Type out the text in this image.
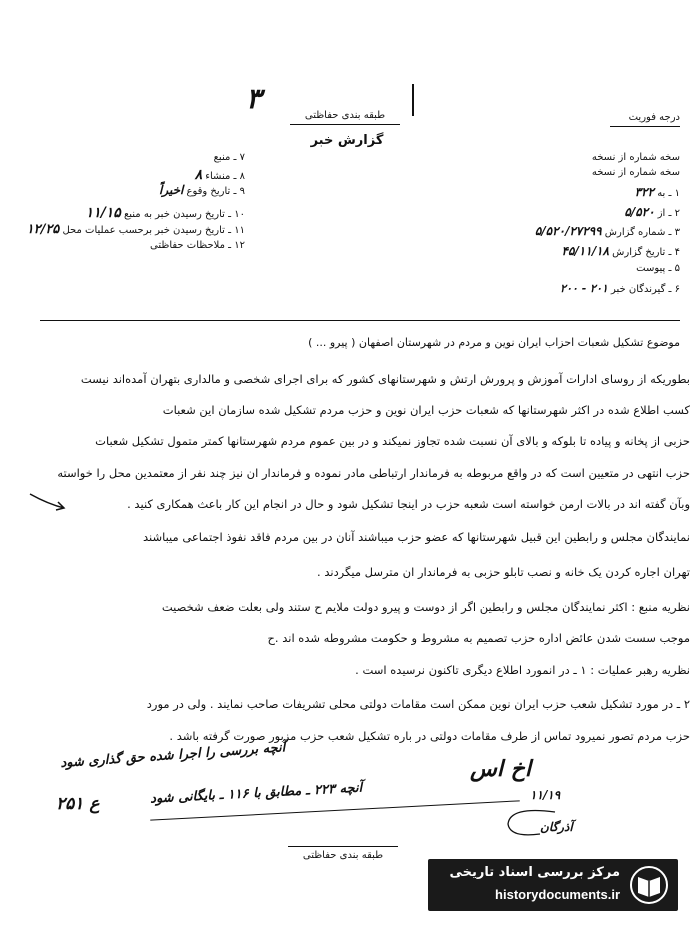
۳
درجه فوریت
طبقه بندی حفاظتی
گزارش خبر
۷ ـ منبع
۸ ـ منشاء ۸
۹ ـ تاریخ وقوع اخیراً
۱۰ ـ تاریخ رسیدن خبر به منبع ۱۱/۱۵
۱۱ ـ تاریخ رسیدن خبر برحسب عملیات محل ۱۲/۲۵
۱۲ ـ ملاحظات حفاظتی
سخه شماره از نسخه
سخه شماره از نسخه
۱ ـ به ۳۲۲
۲ ـ از ۵/۵۲۰
۳ ـ شماره گزارش ۵/۵۲۰/۲۷۲۹۹
۴ ـ تاریخ گزارش ۴۵/۱۱/۱۸
۵ ـ پیوست
۶ ـ گیرندگان خبر ۲۰۱ - ۲۰۰
موضوع تشکیل شعبات احزاب ایران نوین و مردم در شهرستان اصفهان ( پیرو ... )
بطوریکه از روسای ادارات آموزش و پرورش ارتش و شهرستانهای کشور که برای اجرای شخصی و مالداری بتهران آمده‌اند نیست
کسب اطلاع شده در اکثر شهرستانها که شعبات حزب ایران نوین و حزب مردم تشکیل شده سازمان این شعبات
حزبی از پخانه و پیاده تا بلوکه و بالای آن نسبت شده تجاوز نمیکند و در بین عموم مردم شهرستانها کمتر متمول تشکیل شعبات
حزب انتهی در متعیین است که در واقع مربوطه به فرماندار ارتباطی مادر نموده و فرماندار ان نیز چند نفر از معتمدین محل را خواسته
وبآن گفته اند در بالات ارمن خواسته است شعبه حزب در اینجا تشکیل شود و حال در انجام این کار باعث همکاری کنید .
نمایندگان مجلس و رابطین این قبیل شهرستانها که عضو حزب میباشند آنان در بین مردم فاقد نفوذ اجتماعی میباشند
تهران اجاره کردن یک خانه و نصب تابلو حزبی به فرماندار ان مترسل میگردند .
نظریه منبع : اکثر نمایندگان مجلس و رابطین اگر از دوست و پیرو دولت ملایم ح ستند ولی بعلت ضعف شخصیت
موجب سست شدن عائض اداره حزب تصمیم به مشروط و حکومت مشروطه شده اند .ح
نظریه رهبر عملیات : ۱ ـ در انمورد اطلاع دیگری تاکنون نرسیده است .
۲ ـ در مورد تشکیل شعب حزب ایران نوین ممکن است مقامات دولتی محلی تشریفات صاحب نمایند . ولی در مورد
حزب مردم تصور نمیرود تماس از طرف مقامات دولتی در باره تشکیل شعب حزب مزبور صورت گرفته باشد .
آنچه بررسی را اجرا شده حق گذاری شود	اخ اس
۱۱/۱۹
آنچه ۲۲۳ ـ مطابق با ۱۱۶ ـ بایگانی شود
ع ۲۵۱
آذرگان
طبقه بندی حفاظتی
مرکز بررسی اسناد تاریخی
historydocuments.ir
